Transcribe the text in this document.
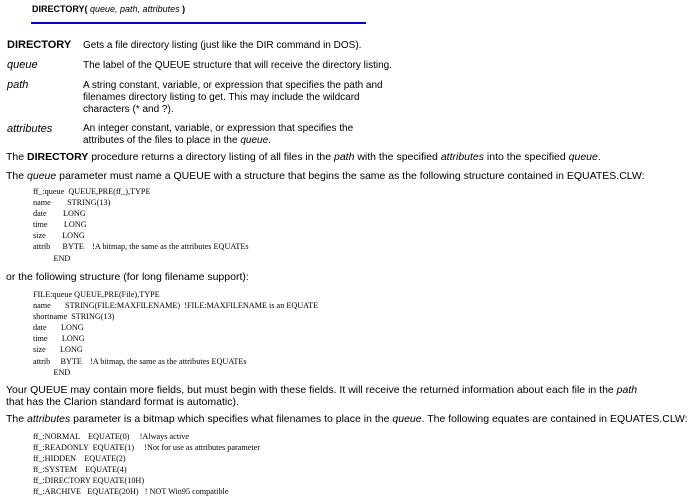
DIRECTORY( queue, path, attributes )
DIRECTORY Gets a file directory listing (just like the DIR command in DOS).
queue	The label of the QUEUE structure that will receive the directory listing.
path	A string constant, variable, or expression that specifies the path and filenames directory listing to get. This may include the wildcard characters (* and ?).
attributes	An integer constant, variable, or expression that specifies the attributes of the files to place in the queue.
The DIRECTORY procedure returns a directory listing of all files in the path with the specified attributes into the specified queue.
The queue parameter must name a QUEUE with a structure that begins the same as the following structure contained in EQUATES.CLW:
ff_:queue  QUEUE,PRE(ff_),TYPE
name        STRING(13)
date        LONG
time        LONG
size        LONG
attrib      BYTE    !A bitmap, the same as the attributes EQUATEs
END
or the following structure (for long filename support):
FILE:queue QUEUE,PRE(File),TYPE
name       STRING(FILE:MAXFILENAME)  !FILE:MAXFILENAME is an EQUATE
shortname  STRING(13)
date       LONG
time       LONG
size       LONG
attrib     BYTE    !A bitmap, the same as the attributes EQUATEs
END
Your QUEUE may contain more fields, but must begin with these fields. It will receive the returned information about each file in the path that has the Clarion standard format is automatic).
The attributes parameter is a bitmap which specifies what filenames to place in the queue. The following equates are contained in EQUATES.CLW:
ff_:NORMAL    EQUATE(0)     !Always active
ff_:READONLY  EQUATE(1)     !Not for use as attributes parameter
ff_:HIDDEN    EQUATE(2)
ff_:SYSTEM    EQUATE(4)
ff_:DIRECTORY EQUATE(10H)
ff_:ARCHIVE   EQUATE(20H)   ! NOT Win95 compatible
